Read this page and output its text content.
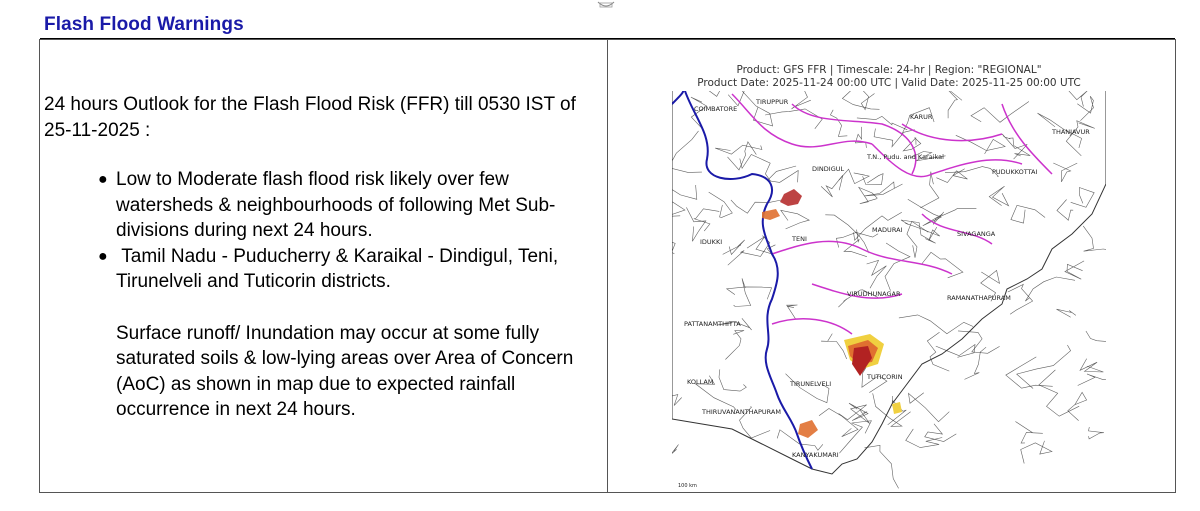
Flash Flood Warnings

24 hours Outlook for the Flash Flood Risk (FFR) till 0530 IST of 25-11-2025 :

● Low to Moderate flash flood risk likely over few watersheds & neighbourhoods of following Met Sub-divisions during next 24 hours.
● Tamil Nadu - Puducherry & Karaikal - Dindigul, Teni, Tirunelveli and Tuticorin districts.

Surface runoff/ Inundation may occur at some fully saturated soils & low-lying areas over Area of Concern (AoC) as shown in map due to expected rainfall occurrence in next 24 hours.

COIMBATORE
TIRUPPUR
KARUR
THANJAVUR
T.N., Pudu. and Karaikal
DINDIGUL	PUDUKKOTTAI
IDUKKI	TENI
MADURAI	SIVAGANGA
VIRUDHUNAGAR	RAMANATHAPURAM
PATTANAMTHITTA
KOLLAM
TUTICORIN
TIRUNELVELI
THIRUVANANTHAPURAM
KANYAKUMARI
100 km
Product: GFS FFR | Timescale: 24-hr | Region: "REGIONAL"
Product Date: 2025-11-24 00:00 UTC | Valid Date: 2025-11-25 00:00 UTC
